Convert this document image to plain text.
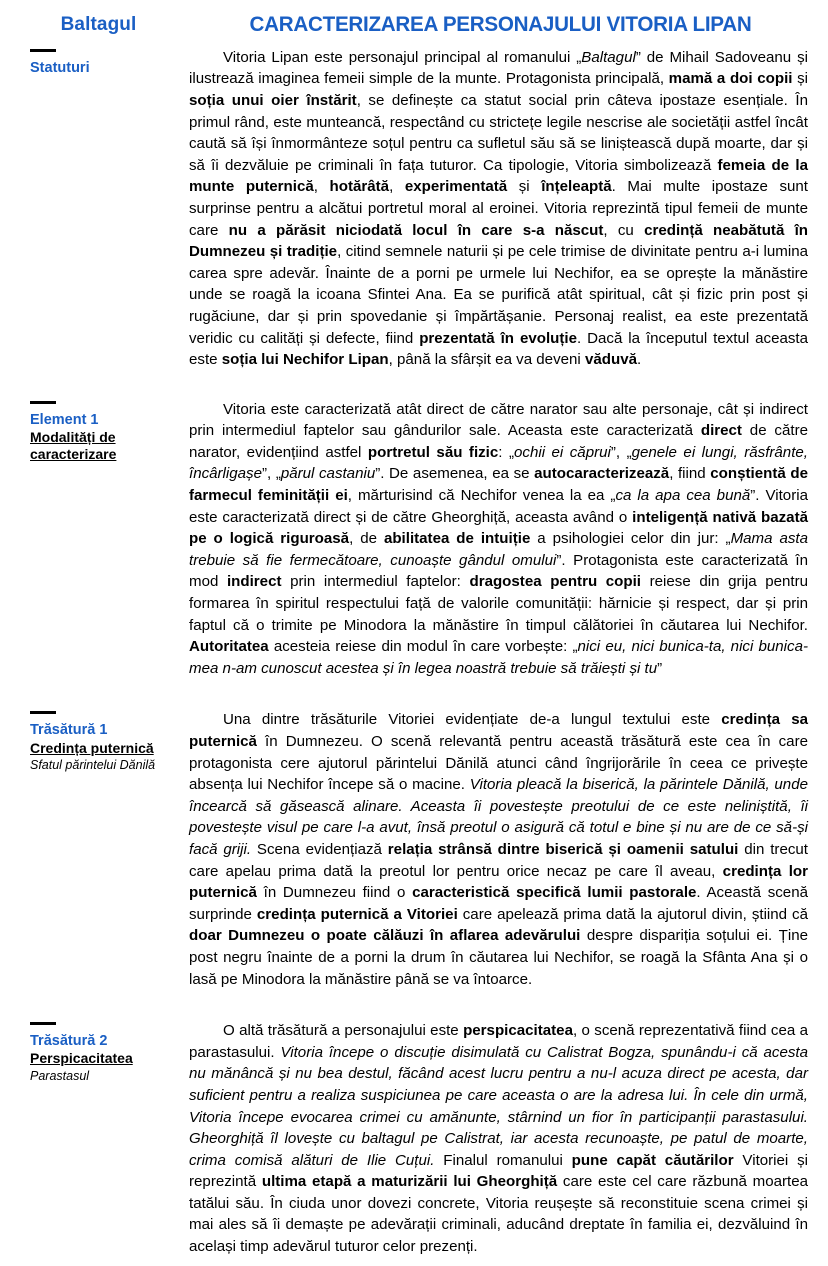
Baltagul	CARACTERIZAREA PERSONAJULUI VITORIA LIPAN
Statuturi

Vitoria Lipan este personajul principal al romanului „Baltagul” de Mihail Sadoveanu și ilustrează imaginea femeii simple de la munte. Protagonista principală, mamă a doi copii și soția unui oier înstărit, se definește ca statut social prin câteva ipostaze esențiale. În primul rând, este munteancă, respectând cu strictețe legile nescrise ale societății astfel încât caută să își înmormânteze soțul pentru ca sufletul său să se liniștească după moarte, dar și să îi dezvăluie pe criminali în fața tuturor. Ca tipologie, Vitoria simbolizează femeia de la munte puternică, hotărâtă, experimentată și înțeleaptă. Mai multe ipostaze sunt surprinse pentru a alcătui portretul moral al eroinei. Vitoria reprezintă tipul femeii de munte care nu a părăsit niciodată locul în care s-a născut, cu credință neabătută în Dumnezeu și tradiție, citind semnele naturii și pe cele trimise de divinitate pentru a-i lumina carea spre adevăr. Înainte de a porni pe urmele lui Nechifor, ea se oprește la mănăstire unde se roagă la icoana Sfintei Ana. Ea se purifică atât spiritual, cât și fizic prin post și rugăciune, dar și prin spovedanie și împărtășanie. Personaj realist, ea este prezentată veridic cu calități și defecte, fiind prezentată în evoluție. Dacă la începutul textul aceasta este soția lui Nechifor Lipan, până la sfârșit ea va deveni văduvă.

Element 1
Modalități de caracterizare

Vitoria este caracterizată atât direct de către narator sau alte personaje, cât și indirect prin intermediul faptelor sau gândurilor sale. Aceasta este caracterizată direct de către narator, evidențiind astfel portretul său fizic: „ochii ei căprui”, „genele ei lungi, răsfrânte, încârligașe”, „părul castaniu”. De asemenea, ea se autocaracterizează, fiind conștientă de farmecul feminității ei, mărturisind că Nechifor venea la ea „ca la apa cea bună”. Vitoria este caracterizată direct și de către Gheorghiță, aceasta având o inteligență nativă bazată pe o logică riguroasă, de abilitatea de intuiție a psihologiei celor din jur: „Mama asta trebuie să fie fermecătoare, cunoaște gândul omului”. Protagonista este caracterizată în mod indirect prin intermediul faptelor: dragostea pentru copii reiese din grija pentru formarea în spiritul respectului față de valorile comunității: hărnicie și respect, dar și prin faptul că o trimite pe Minodora la mănăstire în timpul călătoriei în căutarea lui Nechifor. Autoritatea acesteia reiese din modul în care vorbește: „nici eu, nici bunica-ta, nici bunica-mea n-am cunoscut acestea și în legea noastră trebuie să trăiești și tu”

Trăsătură 1
Credința puternică
Sfatul părintelui Dănilă

Una dintre trăsăturile Vitoriei evidențiate de-a lungul textului este credința sa puternică în Dumnezeu. O scenă relevantă pentru această trăsătură este cea în care protagonista cere ajutorul părintelui Dănilă atunci când îngrijorările în ceea ce privește absența lui Nechifor începe să o macine. Vitoria pleacă la biserică, la părintele Dănilă, unde încearcă să găsească alinare. Aceasta îi povestește preotului de ce este neliniștită, îi povestește visul pe care l-a avut, însă preotul o asigură că totul e bine și nu are de ce să-și facă griji. Scena evidențiază relația strânsă dintre biserică și oamenii satului din trecut care apelau prima dată la preotul lor pentru orice necaz pe care îl aveau, credința lor puternică în Dumnezeu fiind o caracteristică specifică lumii pastorale. Această scenă surprinde credința puternică a Vitoriei care apelează prima dată la ajutorul divin, știind că doar Dumnezeu o poate călăuzi în aflarea adevărului despre dispariția soțului ei. Ține post negru înainte de a porni la drum în căutarea lui Nechifor, se roagă la Sfânta Ana și o lasă pe Minodora la mănăstire până se va întoarce.

Trăsătură 2
Perspicacitatea
Parastasul

O altă trăsătură a personajului este perspicacitatea, o scenă reprezentativă fiind cea a parastasului. Vitoria începe o discuție disimulată cu Calistrat Bogza, spunându-i că acesta nu mănâncă și nu bea destul, făcând acest lucru pentru a nu-l acuza direct pe acesta, dar suficient pentru a realiza suspiciunea pe care aceasta o are la adresa lui. În cele din urmă, Vitoria începe evocarea crimei cu amănunte, stârnind un fior în participanții parastasului. Gheorghiță îl lovește cu baltagul pe Calistrat, iar acesta recunoaște, pe patul de moarte, crima comisă alături de Ilie Cuțui. Finalul romanului pune capăt căutărilor Vitoriei și reprezintă ultima etapă a maturizării lui Gheorghiță care este cel care răzbună moartea tatălui său. În ciuda unor dovezi concrete, Vitoria reușește să reconstituie scena crimei și mai ales să îi demaște pe adevărații criminali, aducând dreptate în familia ei, dezvăluind în același timp adevărul tuturor celor prezenți.
